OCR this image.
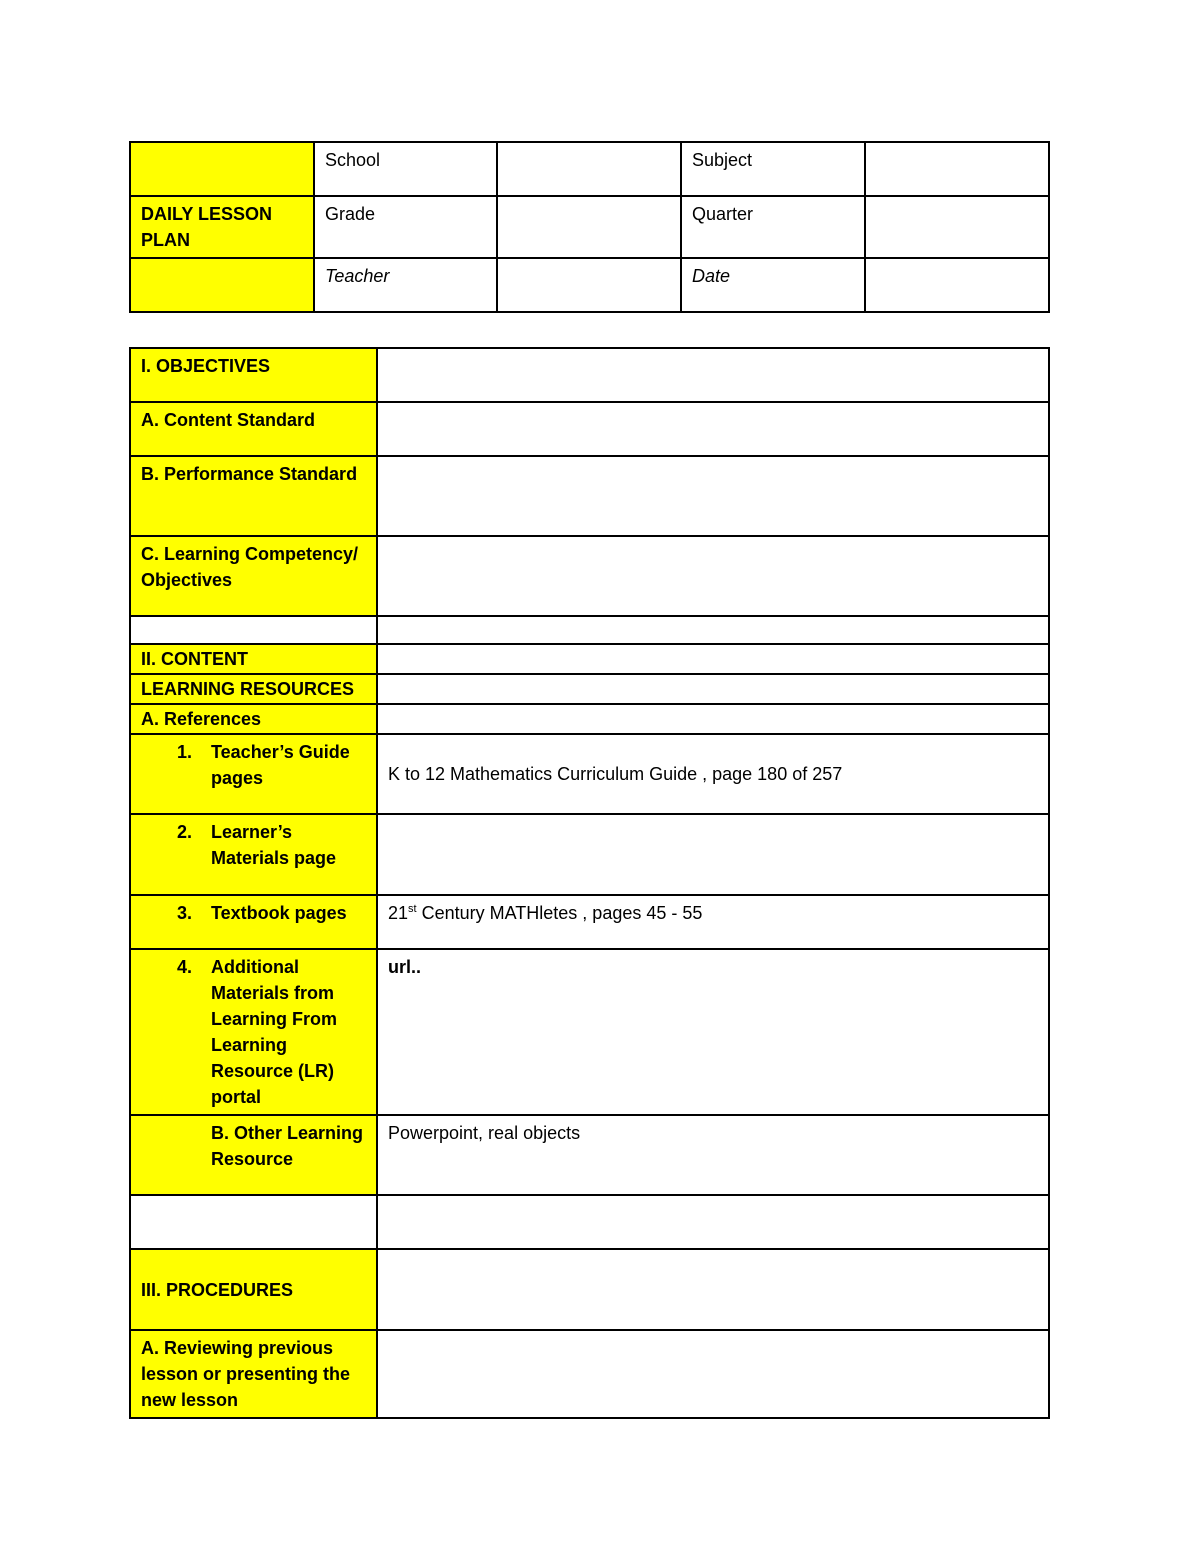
	School		Subject	
DAILY LESSON PLAN	Grade		Quarter	
	Teacher		Date	
I. OBJECTIVES	
A. Content Standard	
B. Performance Standard	
C. Learning Competency/ Objectives	

II. CONTENT	
LEARNING RESOURCES	
A. References	

1. Teacher’s Guide pages	K to 12 Mathematics Curriculum Guide , page 180 of 257

2. Learner’s Materials page	

3. Textbook pages	21st Century MATHletes , pages 45 - 55

4. Additional Materials from Learning From Learning Resource (LR) portal	url..

B. Other Learning Resource	Powerpoint, real objects

III. PROCEDURES	
A. Reviewing previous lesson or presenting the new lesson	
